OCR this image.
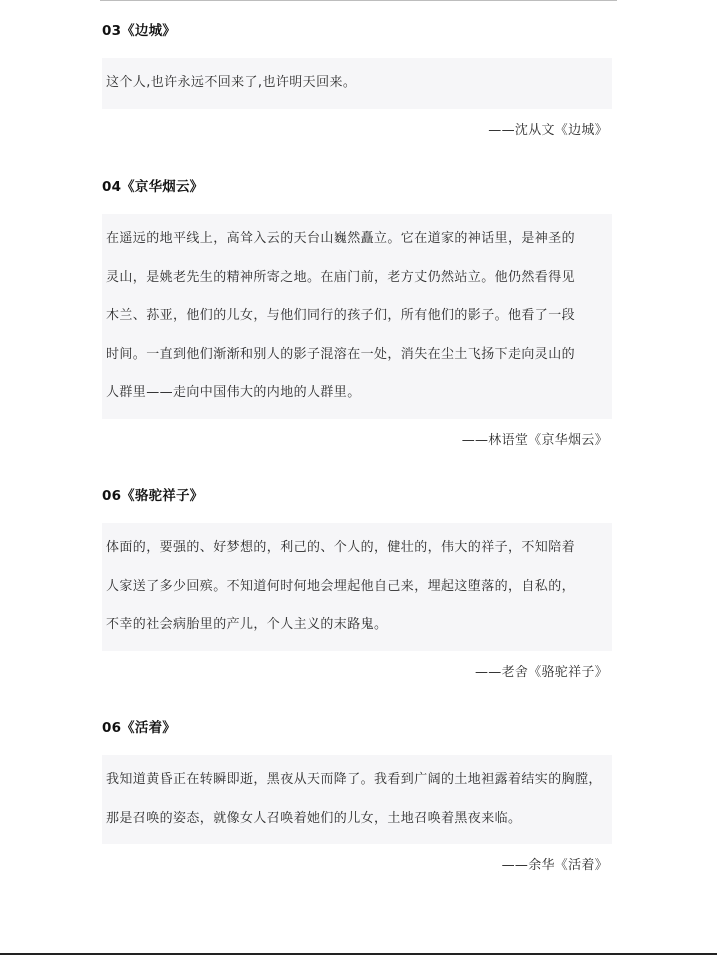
03《边城》

这个人,也许永远不回来了,也许明天回来。

——沈从文《边城》
04《京华烟云》

在遥远的地平线上，高耸入云的天台山巍然矗立。它在道家的神话里，是神圣的
灵山，是姚老先生的精神所寄之地。在庙门前，老方丈仍然站立。他仍然看得见
木兰、荪亚，他们的儿女，与他们同行的孩子们，所有他们的影子。他看了一段
时间。一直到他们渐渐和别人的影子混溶在一处，消失在尘土飞扬下走向灵山的
人群里——走向中国伟大的内地的人群里。

——林语堂《京华烟云》
06《骆驼祥子》

体面的，要强的、好梦想的，利己的、个人的，健壮的，伟大的祥子，不知陪着
人家送了多少回殡。不知道何时何地会埋起他自己来，埋起这堕落的，自私的，
不幸的社会病胎里的产儿，个人主义的末路鬼。

——老舍《骆驼祥子》
06《活着》

我知道黄昏正在转瞬即逝，黑夜从天而降了。我看到广阔的土地袒露着结实的胸膛，
那是召唤的姿态，就像女人召唤着她们的儿女，土地召唤着黑夜来临。

——余华《活着》
